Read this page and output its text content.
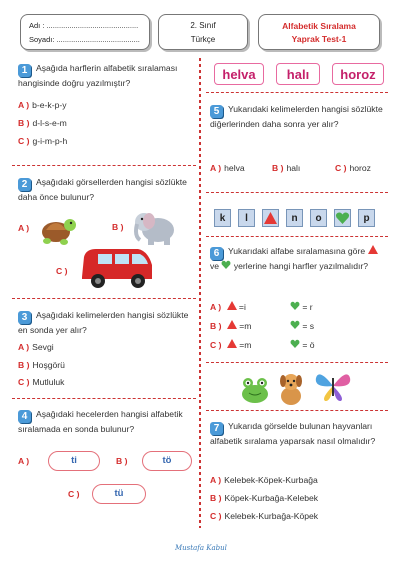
Adı : ............................................
Soyadı: ........................................
2. Sınıf
Türkçe
Alfabetik Sıralama
Yaprak Test-1
1	Aşağıda harflerin alfabetik sıralaması hangisinde doğru yazılmıştır?
A ) b-e-k-p-y
B ) d-l-s-e-m
C ) g-i-m-p-h
2	Aşağıdaki görsellerden hangisi sözlükte daha önce bulunur?
A )	B )
C )
3	Aşağıdaki kelimelerden hangisi sözlükte en sonda yer alır?
A ) Sevgi
B ) Hoşgörü
C ) Mutluluk
4	Aşağıdaki hecelerden hangisi alfabetik sıralamada en sonda bulunur?
A )	ti	B )	tö
C )	tü
helva	halı	horoz
5	Yukarıdaki kelimelerden hangisi sözlükte diğerlerinden daha sonra yer alır?
A ) helva	B ) halı	C ) horoz
k	l	n	o	p
6	Yukarıdaki alfabe sıralamasına göre  ve yerlerine hangi harfler yazılmalıdır?
A ) =i	= r
B ) =m	= s
C ) =m	= ö
7	Yukarıda görselde bulunan hayvanları alfabetik sıralama yaparsak nasıl olmalıdır?
A ) Kelebek-Köpek-Kurbağa
B ) Köpek-Kurbağa-Kelebek
C ) Kelebek-Kurbağa-Köpek
Mustafa Kabul
